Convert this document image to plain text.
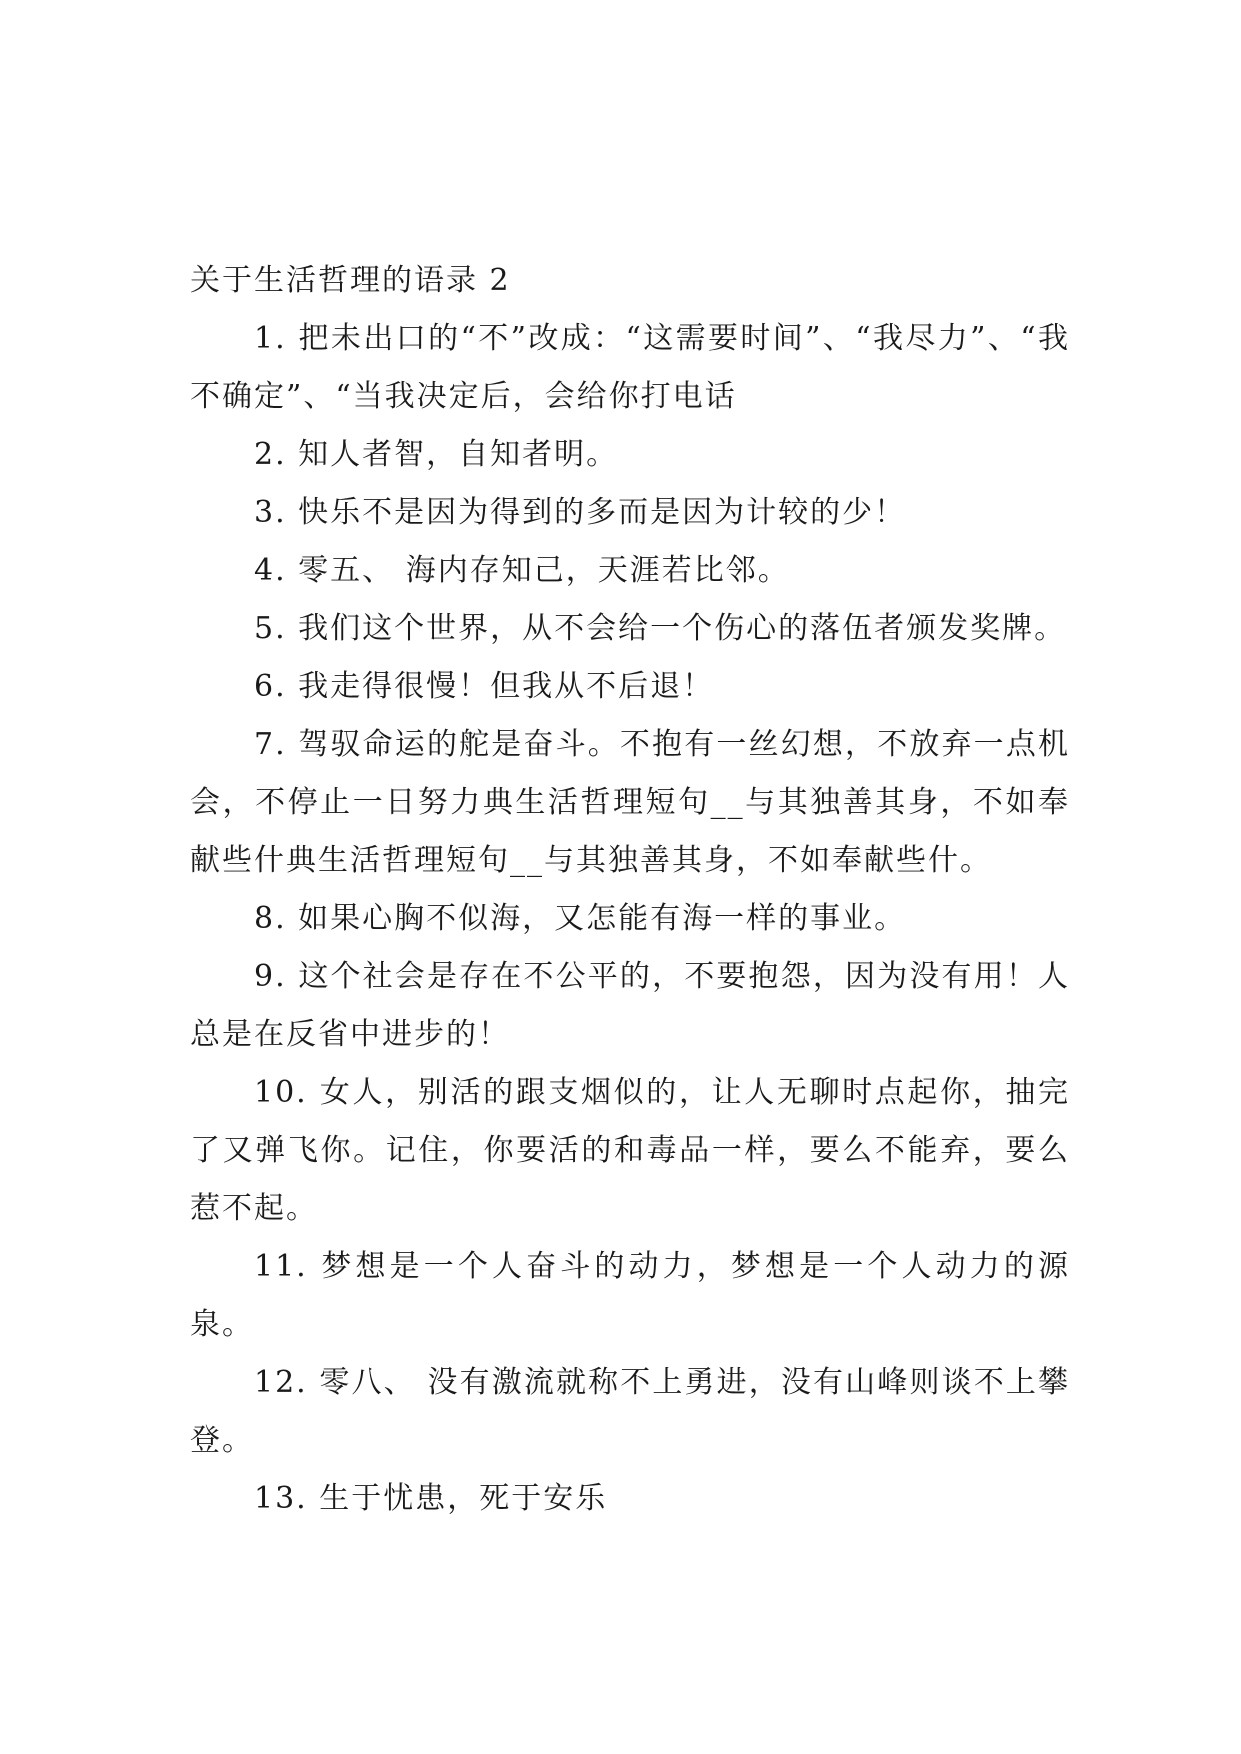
关于生活哲理的语录 2

1. 把未出口的“不”改成：“这需要时间”、“我尽力”、“我不确定”、“当我决定后，会给你打电话

2. 知人者智，自知者明。

3. 快乐不是因为得到的多而是因为计较的少！

4. 零五、 海内存知己，天涯若比邻。

5. 我们这个世界，从不会给一个伤心的落伍者颁发奖牌。

6. 我走得很慢！但我从不后退！

7. 驾驭命运的舵是奋斗。不抱有一丝幻想，不放弃一点机会，不停止一日努力典生活哲理短句__与其独善其身，不如奉献些什典生活哲理短句__与其独善其身，不如奉献些什。

8. 如果心胸不似海，又怎能有海一样的事业。

9. 这个社会是存在不公平的，不要抱怨，因为没有用！人总是在反省中进步的！

10. 女人，别活的跟支烟似的，让人无聊时点起你，抽完了又弹飞你。记住，你要活的和毒品一样，要么不能弃，要么惹不起。

11. 梦想是一个人奋斗的动力，梦想是一个人动力的源泉。

12. 零八、 没有激流就称不上勇进，没有山峰则谈不上攀登。

13. 生于忧患，死于安乐
